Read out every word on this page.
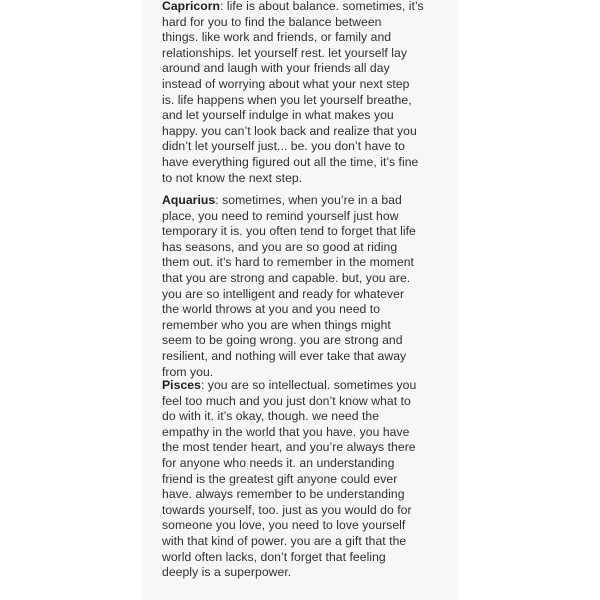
Capricorn: life is about balance. sometimes, it’s
hard for you to find the balance between
things. like work and friends, or family and
relationships. let yourself rest. let yourself lay
around and laugh with your friends all day
instead of worrying about what your next step
is. life happens when you let yourself breathe,
and let yourself indulge in what makes you
happy. you can’t look back and realize that you
didn’t let yourself just... be. you don’t have to
have everything figured out all the time, it’s fine
to not know the next step.
Aquarius: sometimes, when you’re in a bad
place, you need to remind yourself just how
temporary it is. you often tend to forget that life
has seasons, and you are so good at riding
them out. it’s hard to remember in the moment
that you are strong and capable. but, you are.
you are so intelligent and ready for whatever
the world throws at you and you need to
remember who you are when things might
seem to be going wrong. you are strong and
resilient, and nothing will ever take that away
from you.
Pisces: you are so intellectual. sometimes you
feel too much and you just don’t know what to
do with it. it’s okay, though. we need the
empathy in the world that you have. you have
the most tender heart, and you’re always there
for anyone who needs it. an understanding
friend is the greatest gift anyone could ever
have. always remember to be understanding
towards yourself, too. just as you would do for
someone you love, you need to love yourself
with that kind of power. you are a gift that the
world often lacks, don’t forget that feeling
deeply is a superpower.
